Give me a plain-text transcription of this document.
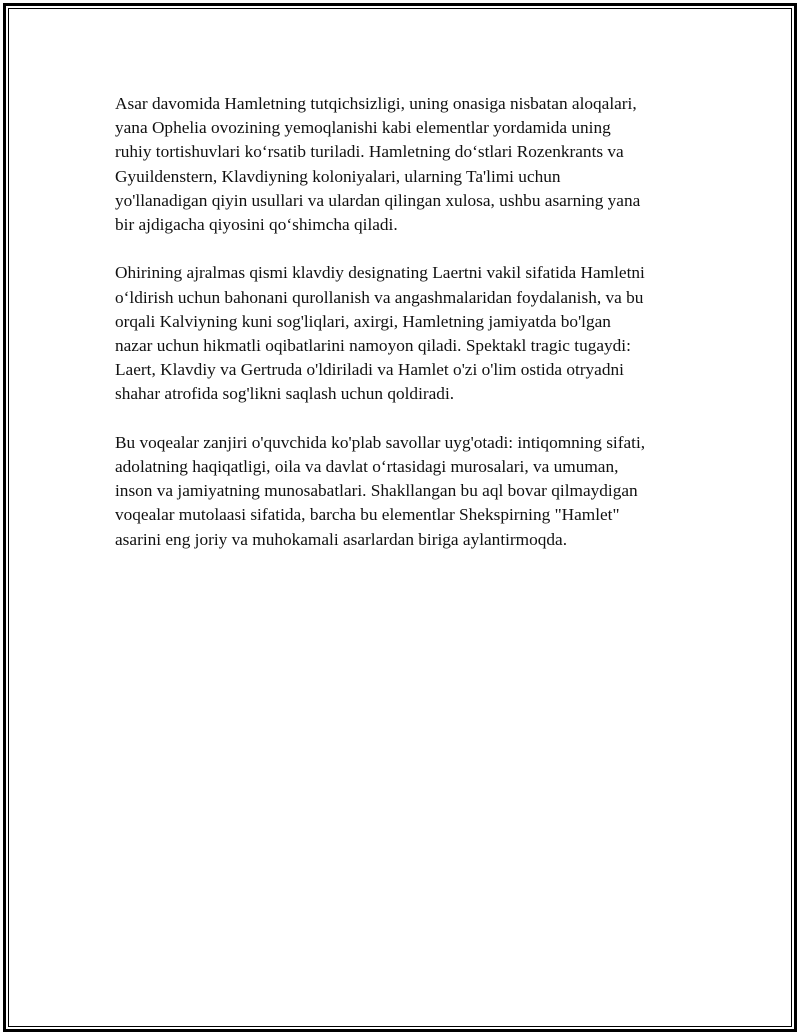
Asar davomida Hamletning tutqichsizligi, uning onasiga nisbatan aloqalari,
yana Ophelia ovozining yemoqlanishi kabi elementlar yordamida uning
ruhiy tortishuvlari koʻrsatib turiladi. Hamletning doʻstlari Rozenkrants va
Gyuildenstern, Klavdiyning koloniyalari, ularning Ta'limi uchun
yo'llanadigan qiyin usullari va ulardan qilingan xulosa, ushbu asarning yana
bir ajdigacha qiyosini qoʻshimcha qiladi.

Ohirining ajralmas qismi klavdiy designating Laertni vakil sifatida Hamletni
oʻldirish uchun bahonani qurollanish va angashmalaridan foydalanish, va bu
orqali Kalviyning kuni sog'liqlari, axirgi, Hamletning jamiyatda bo'lgan
nazar uchun hikmatli oqibatlarini namoyon qiladi. Spektakl tragic tugaydi:
Laert, Klavdiy va Gertruda o'ldiriladi va Hamlet o'zi o'lim ostida otryadni
shahar atrofida sog'likni saqlash uchun qoldiradi.

Bu voqealar zanjiri o'quvchida ko'plab savollar uyg'otadi: intiqomning sifati,
adolatning haqiqatligi, oila va davlat oʻrtasidagi murosalari, va umuman,
inson va jamiyatning munosabatlari. Shakllangan bu aql bovar qilmaydigan
voqealar mutolaasi sifatida, barcha bu elementlar Shekspirning "Hamlet"
asarini eng joriy va muhokamali asarlardan biriga aylantirmoqda.
